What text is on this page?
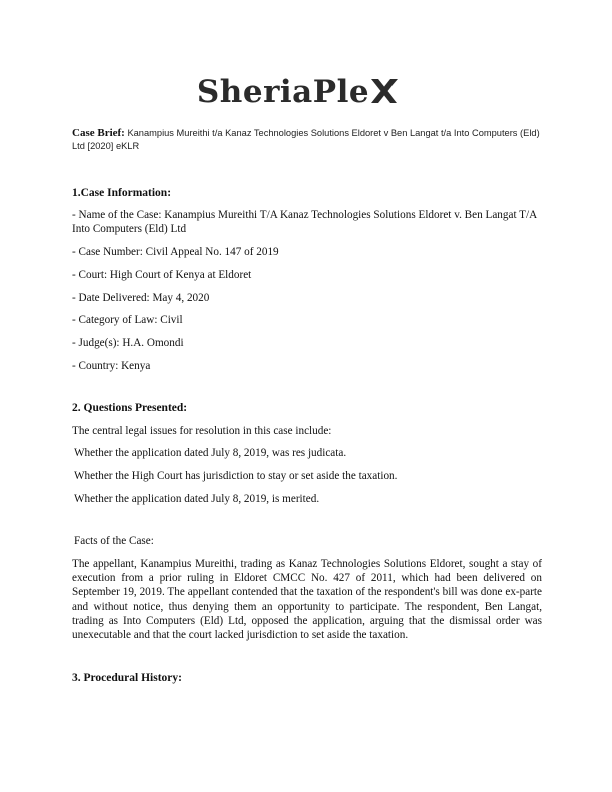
SheriaPle
Case Brief: Kanampius Mureithi t/a Kanaz Technologies Solutions Eldoret v Ben Langat t/a Into Computers (Eld) Ltd [2020] eKLR
1.Case Information:

- Name of the Case: Kanampius Mureithi T/A Kanaz Technologies Solutions Eldoret v. Ben Langat T/A Into Computers (Eld) Ltd

- Case Number: Civil Appeal No. 147 of 2019

- Court: High Court of Kenya at Eldoret

- Date Delivered: May 4, 2020

- Category of Law: Civil

- Judge(s): H.A. Omondi

- Country: Kenya

2. Questions Presented:

The central legal issues for resolution in this case include:

Whether the application dated July 8, 2019, was res judicata.

Whether the High Court has jurisdiction to stay or set aside the taxation.

Whether the application dated July 8, 2019, is merited.

Facts of the Case:

The appellant, Kanampius Mureithi, trading as Kanaz Technologies Solutions Eldoret, sought a stay of execution from a prior ruling in Eldoret CMCC No. 427 of 2011, which had been delivered on September 19, 2019. The appellant contended that the taxation of the respondent's bill was done ex-parte and without notice, thus denying them an opportunity to participate. The respondent, Ben Langat, trading as Into Computers (Eld) Ltd, opposed the application, arguing that the dismissal order was unexecutable and that the court lacked jurisdiction to set aside the taxation.

3. Procedural History:
